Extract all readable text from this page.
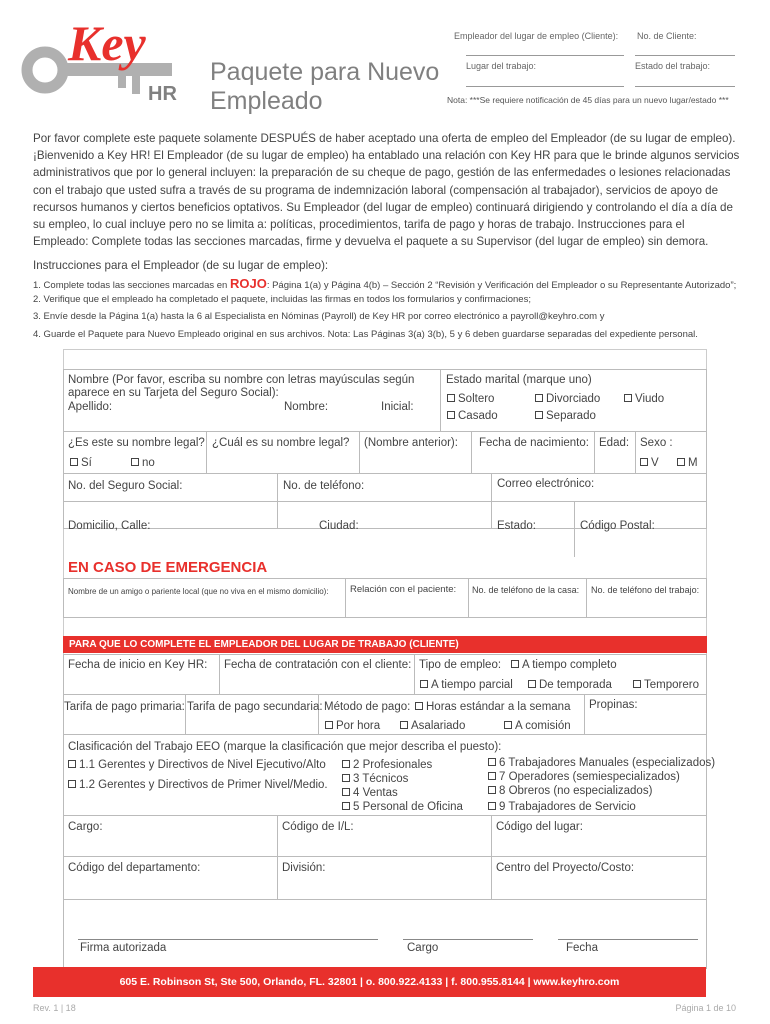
Key
HR
Paquete para Nuevo
Empleado
Empleador del lugar de empleo (Cliente): No. de Cliente:
Lugar del trabajo:	Estado del trabajo:
Nota: ***Se requiere notificación de 45 días para un nuevo lugar/estado ***
Por favor complete este paquete solamente DESPUÉS de haber aceptado una oferta de empleo del Empleador (de su lugar de empleo). ¡Bienvenido a Key HR! El Empleador (de su lugar de empleo) ha entablado una relación con Key HR para que le brinde algunos servicios administrativos que por lo general incluyen: la preparación de su cheque de pago, gestión de las enfermedades o lesiones relacionadas con el trabajo que usted sufra a través de su programa de indemnización laboral (compensación al trabajador), servicios de apoyo de recursos humanos y ciertos beneficios optativos. Su Empleador (del lugar de empleo) continuará dirigiendo y controlando el día a día de su empleo, lo cual incluye pero no se limita a: políticas, procedimientos, tarifa de pago y horas de trabajo. Instrucciones para el Empleado: Complete todas las secciones marcadas, firme y devuelva el paquete a su Supervisor (del lugar de empleo) sin demora.
Instrucciones para el Empleador (de su lugar de empleo):
1. Complete todas las secciones marcadas en ROJO: Página 1(a) y Página 4(b) – Sección 2 “Revisión y Verificación del Empleador o su Representante Autorizado”;
2. Verifique que el empleado ha completado el paquete, incluidas las firmas en todos los formularios y confirmaciones;
3. Envíe desde la Página 1(a) hasta la 6 al Especialista en Nóminas (Payroll) de Key HR por correo electrónico a payroll@keyhro.com y
4. Guarde el Paquete para Nuevo Empleado original en sus archivos. Nota: Las Páginas 3(a) 3(b), 5 y 6 deben guardarse separadas del expediente personal.
Nombre (Por favor, escriba su nombre con letras mayúsculas según
aparece en su Tarjeta del Seguro Social):
Apellido:	Nombre:	Inicial:
Estado marital (marque uno)
Soltero	Divorciado	Viudo
Casado	Separado
¿Es este su nombre legal?
Sí	no
¿Cuál es su nombre legal? (Nombre anterior): Fecha de nacimiento: Edad: Sexo :
V	M
No. del Seguro Social:	No. de teléfono:	Correo electrónico:
Domicilio, Calle:	Ciudad:	Estado:	Código Postal:
EN CASO DE EMERGENCIA
Nombre de un amigo o pariente local (que no viva en el mismo domicilio): Relación con el paciente: No. de teléfono de la casa: No. de teléfono del trabajo:
PARA QUE LO COMPLETE EL EMPLEADOR DEL LUGAR DE TRABAJO (CLIENTE)
Fecha de inicio en Key HR: Fecha de contratación con el cliente: Tipo de empleo:	A tiempo completo
A tiempo parcial	De temporada	Temporero
Tarifa de pago primaria: Tarifa de pago secundaria: Método de pago:	Horas estándar a la semana Propinas:
Por hora	Asalariado	A comisión
Clasificación del Trabajo EEO (marque la clasificación que mejor describa el puesto):
1.1 Gerentes y Directivos de Nivel Ejecutivo/Alto
1.2 Gerentes y Directivos de Primer Nivel/Medio.
2 Profesionales
3 Técnicos
4 Ventas
5 Personal de Oficina
6 Trabajadores Manuales (especializados)
7 Operadores (semiespecializados)
8 Obreros (no especializados)
9 Trabajadores de Servicio
Cargo:	Código de I/L:	Código del lugar:
Código del departamento:	División:	Centro del Proyecto/Costo:
Firma autorizada	Cargo	Fecha
605 E. Robinson St, Ste 500, Orlando, FL. 32801 | o. 800.922.4133 | f. 800.955.8144 | www.keyhro.com
Rev. 1 | 18	Página 1 de 10
